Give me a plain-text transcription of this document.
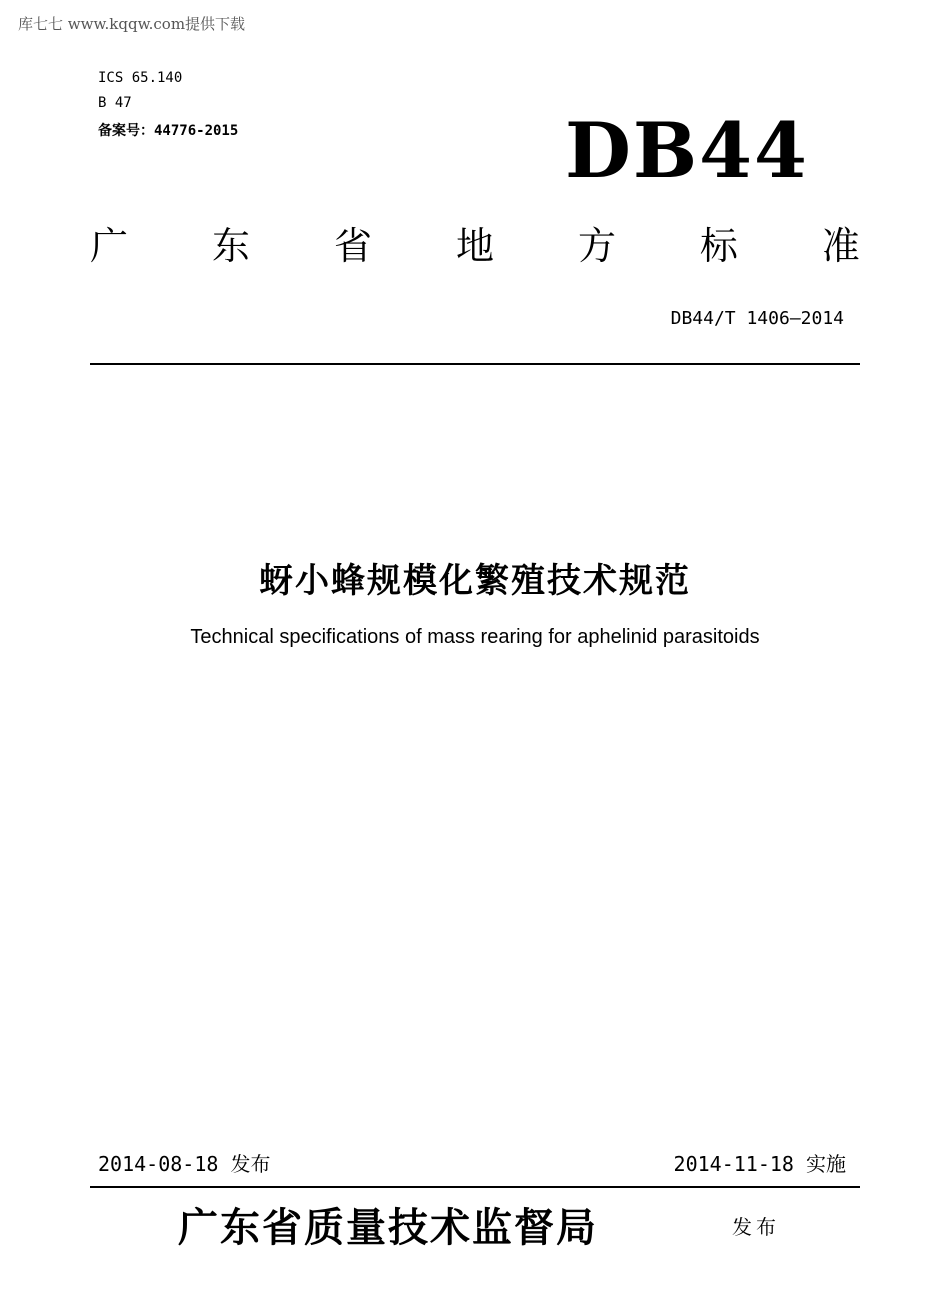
库七七 www.kqqw.com提供下载
ICS 65.140
B 47
备案号：44776-2015	DB44
广 东 省 地 方 标 准
DB44/T 1406—2014
蚜小蜂规模化繁殖技术规范
Technical specifications of mass rearing for aphelinid parasitoids
2014-08-18 发布	2014-11-18 实施
广东省质量技术监督局	发布
